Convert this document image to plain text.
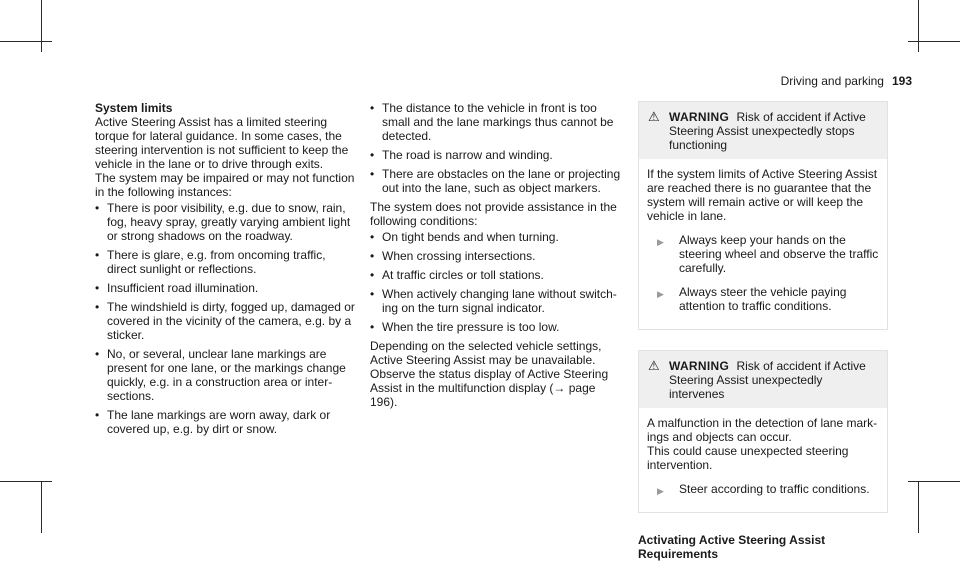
Driving and parking 193

System limits

Active Steering Assist has a limited steering torque for lateral guidance. In some cases, the steering intervention is not sufficient to keep the vehicle in the lane or to drive through exits.

The system may be impaired or may not function in the following instances:

• There is poor visibility, e.g. due to snow, rain, fog, heavy spray, greatly varying ambient light or strong shadows on the roadway.
• There is glare, e.g. from oncoming traffic, direct sunlight or reflections.
• Insufficient road illumination.
• The windshield is dirty, fogged up, damaged or covered in the vicinity of the camera, e.g. by a sticker.
• No, or several, unclear lane markings are present for one lane, or the markings change quickly, e.g. in a construction area or intersections.
• The lane markings are worn away, dark or covered up, e.g. by dirt or snow.
• The distance to the vehicle in front is too small and the lane markings thus cannot be detected.
• The road is narrow and winding.
• There are obstacles on the lane or projecting out into the lane, such as object markers.

The system does not provide assistance in the following conditions:

• On tight bends and when turning.
• When crossing intersections.
• At traffic circles or toll stations.
• When actively changing lane without switching on the turn signal indicator.
• When the tire pressure is too low.

Depending on the selected vehicle settings, Active Steering Assist may be unavailable. Observe the status display of Active Steering Assist in the multifunction display (→ page 196).

⚠ WARNING Risk of accident if Active Steering Assist unexpectedly stops functioning

If the system limits of Active Steering Assist are reached there is no guarantee that the system will remain active or will keep the vehicle in lane.

▶ Always keep your hands on the steering wheel and observe the traffic carefully.
▶ Always steer the vehicle paying attention to traffic conditions.
⚠ WARNING Risk of accident if Active Steering Assist unexpectedly intervenes

A malfunction in the detection of lane markings and objects can occur.

This could cause unexpected steering intervention.

▶ Steer according to traffic conditions.

Activating Active Steering Assist

Requirements
